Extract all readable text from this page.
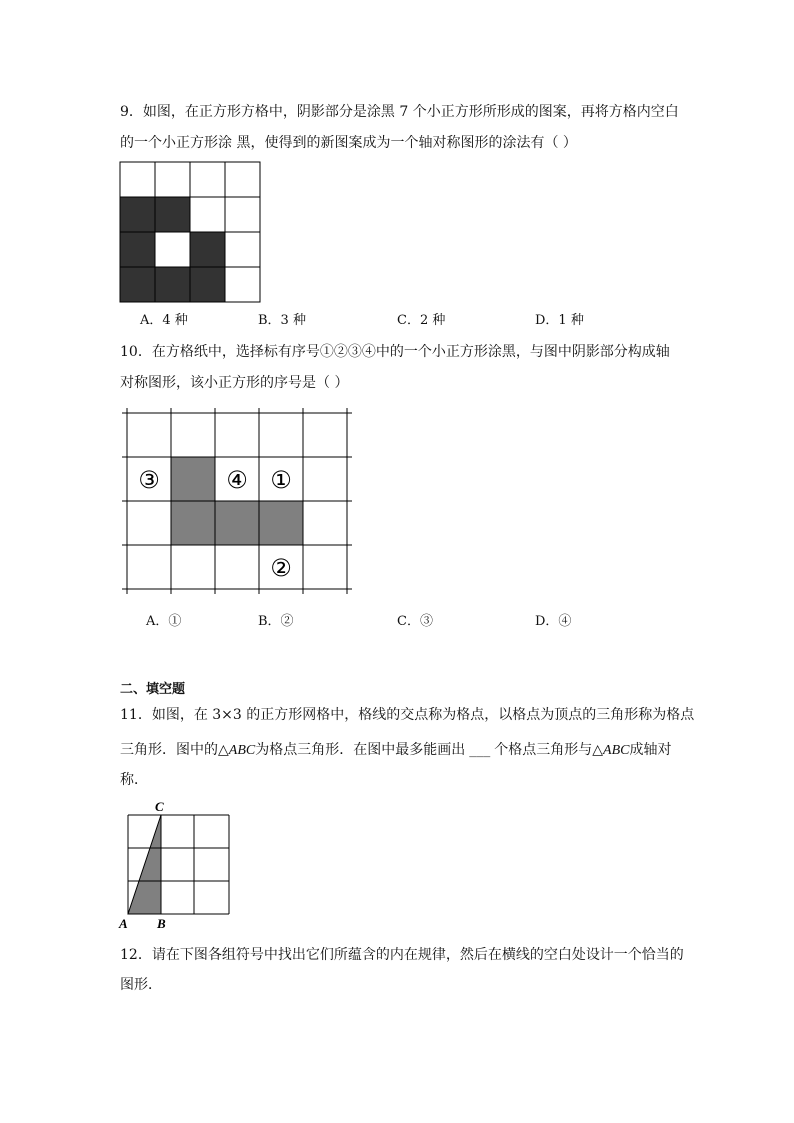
9．如图，在正方形方格中，阴影部分是涂黑 7 个小正方形所形成的图案，再将方格内空白
的一个小正方形涂 黑，使得到的新图案成为一个轴对称图形的涂法有（ ）
A．4 种	B．3 种	C．2 种	D．1 种
10．在方格纸中，选择标有序号①②③④中的一个小正方形涂黑，与图中阴影部分构成轴
对称图形，该小正方形的序号是（ ）
③	④ ①
②
A．①	B．②	C．③	D．④
二、填空题
11．如图，在 3×3 的正方形网格中，格线的交点称为格点，以格点为顶点的三角形称为格点
三角形．图中的△ABC为格点三角形．在图中最多能画出 ___ 个格点三角形与△ABC成轴对
称．
C
A B
12．请在下图各组符号中找出它们所蕴含的内在规律，然后在横线的空白处设计一个恰当的
图形．
